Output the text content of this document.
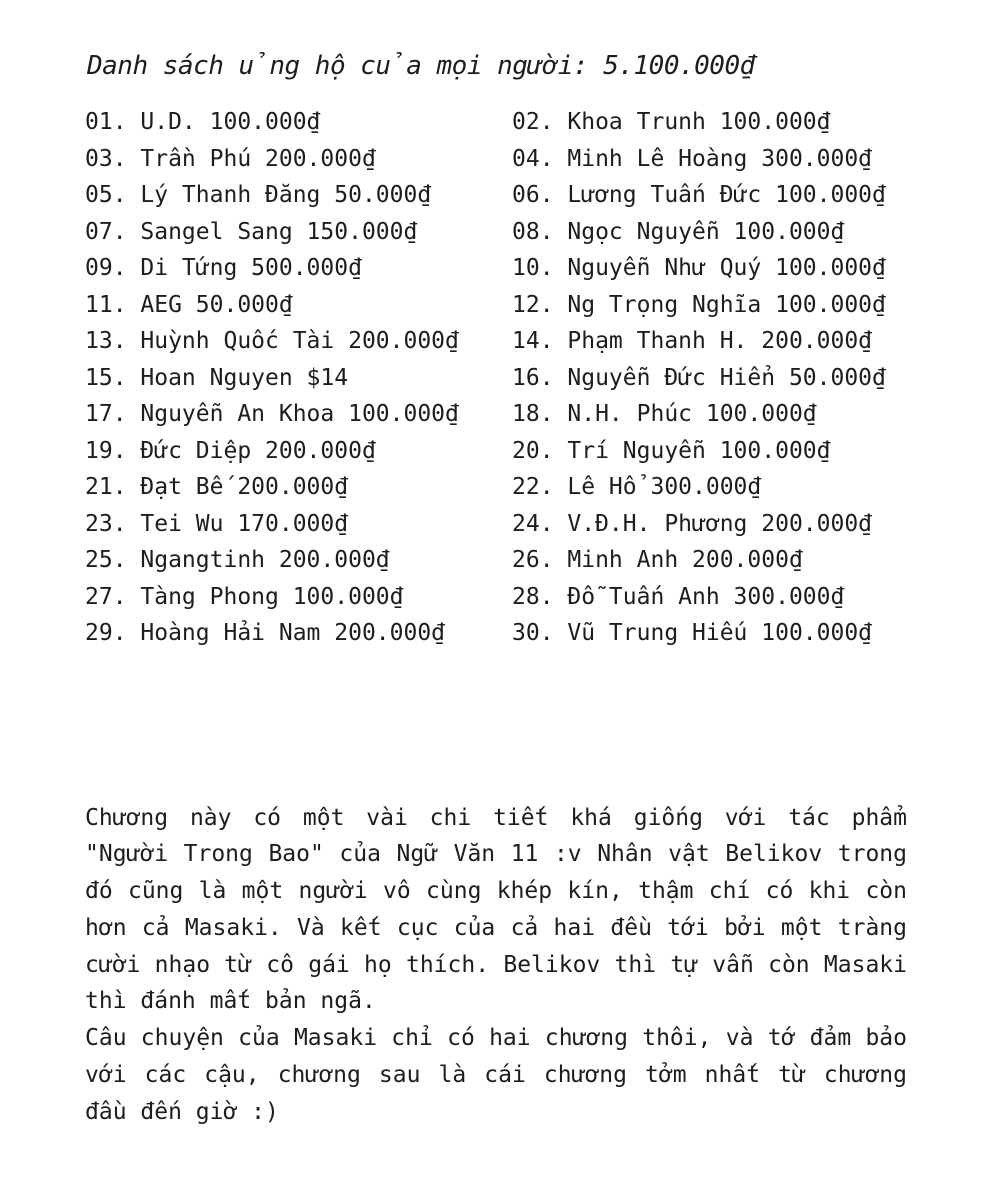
Danh sách ủng hộ của mọi người: 5.100.000₫
01. U.D. 100.000₫
03. Trần Phú 200.000₫
05. Lý Thanh Đăng 50.000₫
07. Sangel Sang 150.000₫
09. Di Tứng 500.000₫
11. AEG 50.000₫
13. Huỳnh Quốc Tài 200.000₫
15. Hoan Nguyen $14
17. Nguyễn An Khoa 100.000₫
19. Đức Diệp 200.000₫
21. Đạt Bế 200.000₫
23. Tei Wu 170.000₫
25. Ngangtinh 200.000₫
27. Tàng Phong 100.000₫
29. Hoàng Hải Nam 200.000₫
02. Khoa Trunh 100.000₫
04. Minh Lê Hoàng 300.000₫
06. Lương Tuấn Đức 100.000₫
08. Ngọc Nguyễn 100.000₫
10. Nguyễn Như Quý 100.000₫
12. Ng Trọng Nghĩa 100.000₫
14. Phạm Thanh H. 200.000₫
16. Nguyễn Đức Hiển 50.000₫
18. N.H. Phúc 100.000₫
20. Trí Nguyễn 100.000₫
22. Lê Hổ 300.000₫
24. V.Đ.H. Phương 200.000₫
26. Minh Anh 200.000₫
28. Đỗ Tuấn Anh 300.000₫
30. Vũ Trung Hiếu 100.000₫

Chương này có một vài chi tiết khá giống với tác phẩm "Người Trong Bao" của Ngữ Văn 11 :v Nhân vật Belikov trong đó cũng là một người vô cùng khép kín, thậm chí có khi còn hơn cả Masaki. Và kết cục của cả hai đều tới bởi một tràng cười nhạo từ cô gái họ thích. Belikov thì tự vẫn còn Masaki thì đánh mất bản ngã.

Câu chuyện của Masaki chỉ có hai chương thôi, và tớ đảm bảo với các cậu, chương sau là cái chương tởm nhất từ chương đầu đến giờ :)
